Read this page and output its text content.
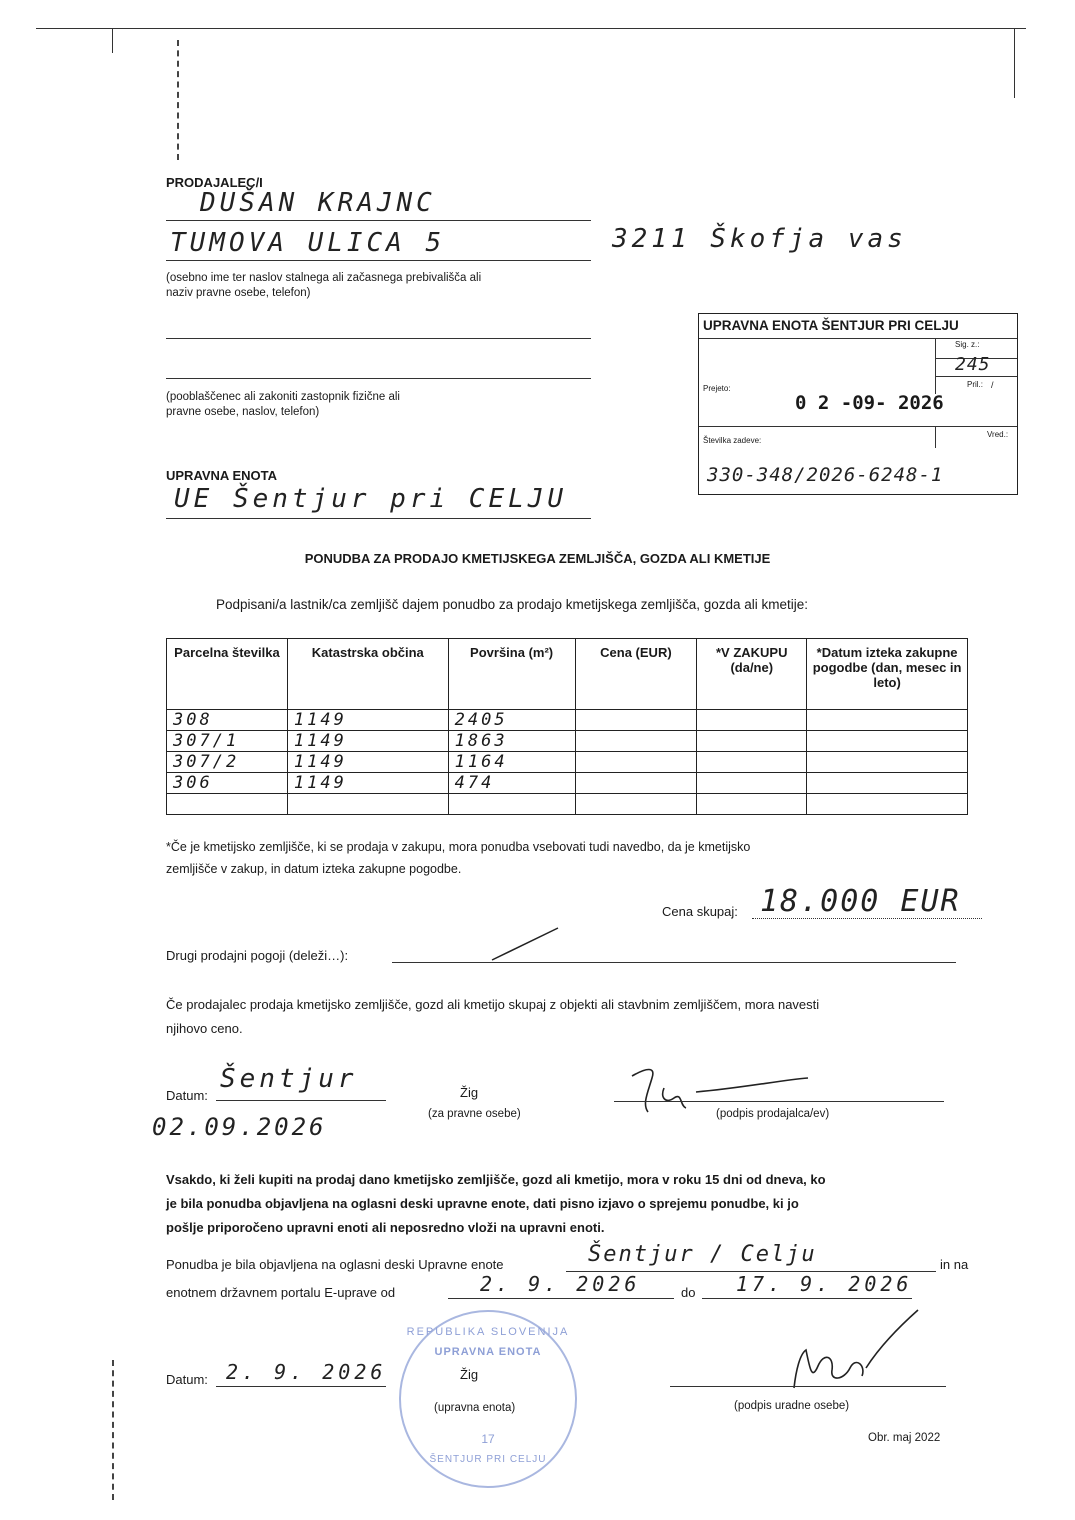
PRODAJALEC/I
DUŠAN KRAJNC
TUMOVA ULICA 5	3211 Škofja vas
(osebno ime ter naslov stalnega ali začasnega prebivališča ali
naziv pravne osebe, telefon)
(pooblaščenec ali zakoniti zastopnik fizične ali
pravne osebe, naslov, telefon)
UPRAVNA ENOTA ŠENTJUR PRI CELJU
Sig. z.:
245
Pril.: /
Prejeto:
0 2 -09- 2026
Vred.:
Številka zadeve:
330-348/2026-6248-1
UPRAVNA ENOTA
UE Šentjur pri CELJU
PONUDBA ZA PRODAJO KMETIJSKEGA ZEMLJIŠČA, GOZDA ALI KMETIJE
Podpisani/a lastnik/ca zemljišč dajem ponudbo za prodajo kmetijskega zemljišča, gozda ali kmetije:
Parcelna številka	Katastrska občina	Površina (m²)	Cena (EUR)	*V ZAKUPU (da/ne)	*Datum izteka zakupne pogodbe (dan, mesec in leto)
308	1149	2405			
307/1	1149	1863			
307/2	1149	1164			
306	1149	474			

*Če je kmetijsko zemljišče, ki se prodaja v zakupu, mora ponudba vsebovati tudi navedbo, da je kmetijsko
zemljišče v zakup, in datum izteka zakupne pogodbe.
Cena skupaj: 18.000 EUR
Drugi prodajni pogoji (deleži…):
Če prodajalec prodaja kmetijsko zemljišče, gozd ali kmetijo skupaj z objekti ali stavbnim zemljiščem, mora navesti
njihovo ceno.
Datum:
Šentjur
02.09.2026
Žig
(za pravne osebe)	(podpis prodajalca/ev)
Vsakdo, ki želi kupiti na prodaj dano kmetijsko zemljišče, gozd ali kmetijo, mora v roku 15 dni od dneva, ko
je bila ponudba objavljena na oglasni deski upravne enote, dati pisno izjavo o sprejemu ponudbe, ki jo
pošlje priporočeno upravni enoti ali neposredno vloži na upravni enoti.
Ponudba je bila objavljena na oglasni deski Upravne enote	Šentjur / Celju	in na
enotnem državnem portalu E-uprave od	2. 9. 2026	do 17. 9. 2026
Datum: 2. 9. 2026
REPUBLIKA SLOVENIJA
UPRAVNA ENOTA
17
ŠENTJUR PRI CELJU
Žig
(upravna enota)	(podpis uradne osebe)
Obr. maj 2022
